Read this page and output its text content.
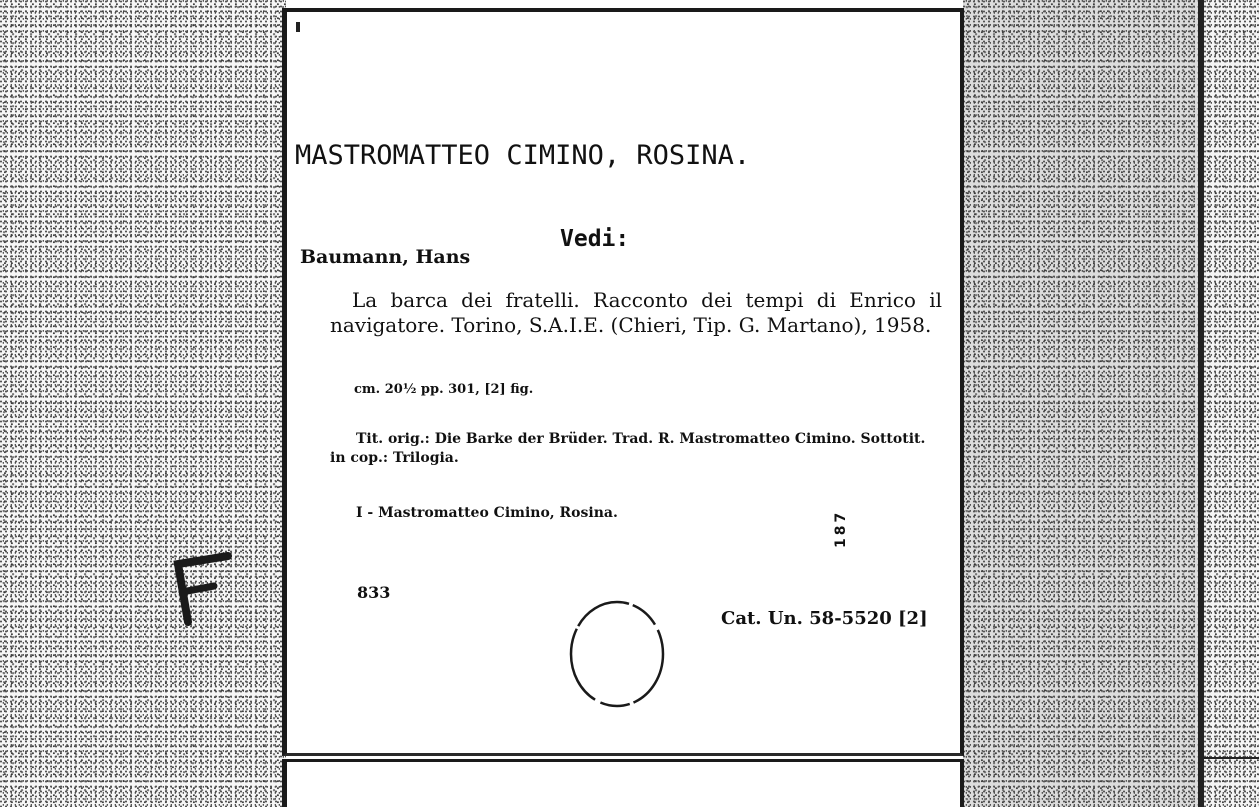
MASTROMATTEO CIMINO, ROSINA.
Vedi:
Baumann, Hans
La barca dei fratelli. Racconto dei tempi di Enrico il navigatore. Torino, S.A.I.E. (Chieri, Tip. G. Martano), 1958.
cm. 20½ pp. 301, [2] fig.
Tit. orig.: Die Barke der Brüder. Trad. R. Mastromatteo Cimino. Sottotit. in cop.: Trilogia.
I - Mastromatteo Cimino, Rosina.	187
833
Cat. Un. 58-5520 [2]
